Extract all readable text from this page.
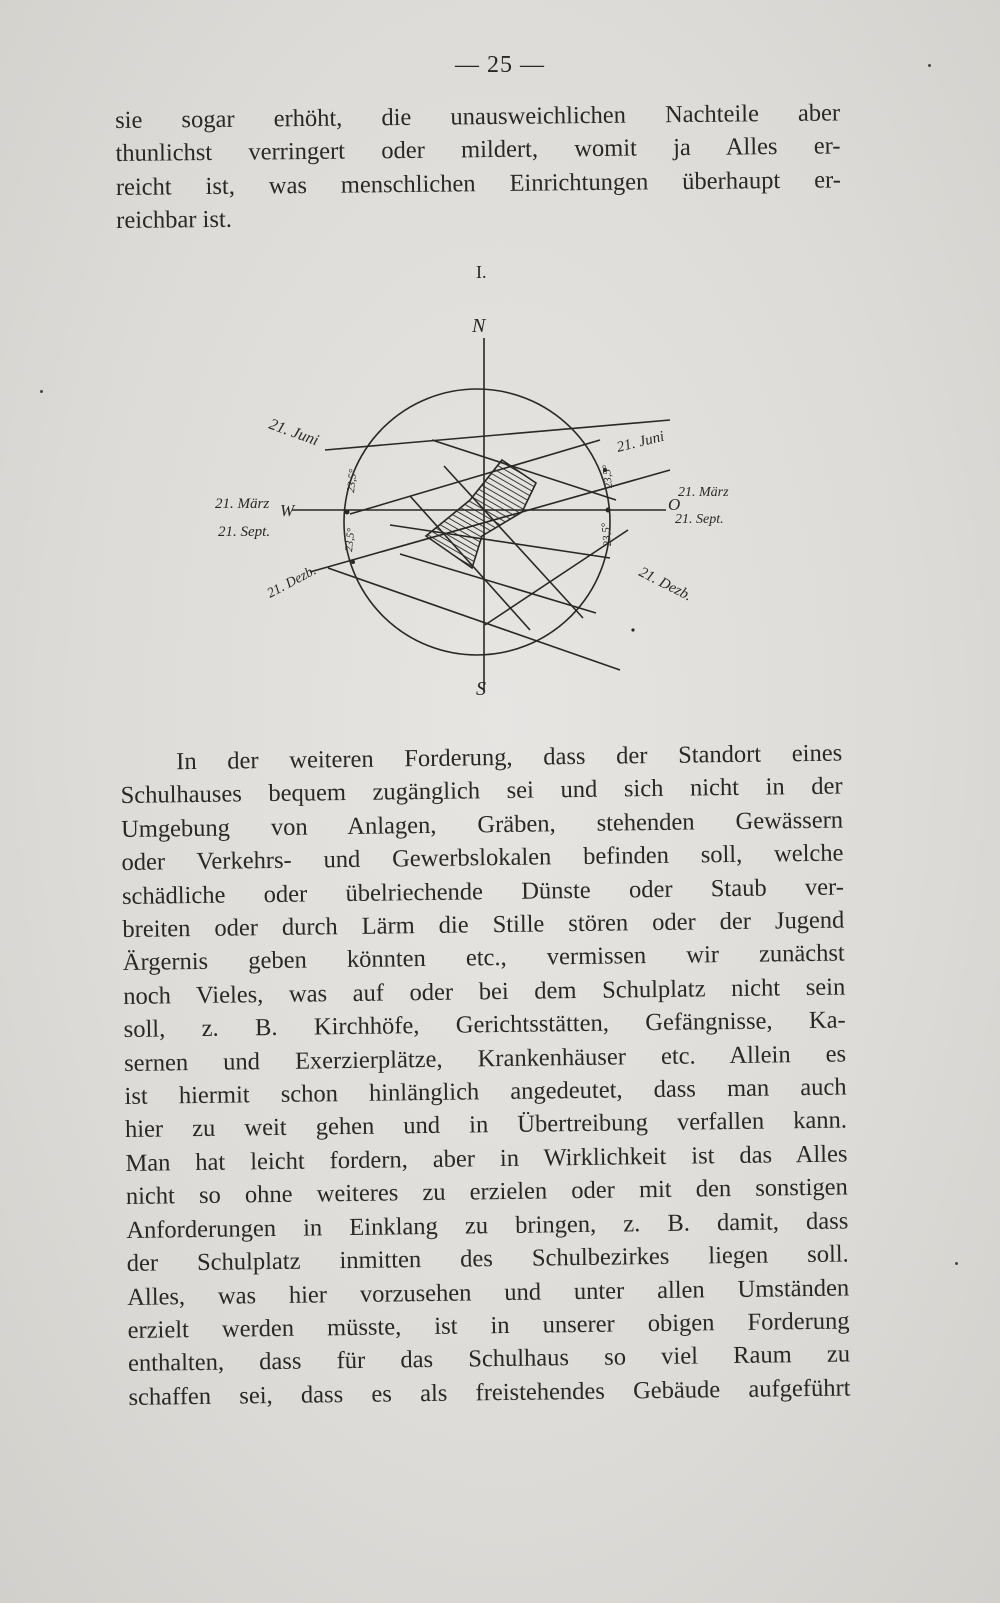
— 25 —
sie sogar erhöht, die unausweichlichen Nachteile aber
thunlichst verringert oder mildert, womit ja Alles er-
reicht ist, was menschlichen Einrichtungen überhaupt er-
reichbar ist.
I.
N
S
W	O
21. Juni
21. März
21. Sept.
21. Dezb.
21. Juni
21. März
21. Sept.
21. Dezb.
23,5°
23,5°
23,5°
23,5°
In der weiteren Forderung, dass der Standort eines
Schulhauses bequem zugänglich sei und sich nicht in der
Umgebung von Anlagen, Gräben, stehenden Gewässern
oder Verkehrs- und Gewerbslokalen befinden soll, welche
schädliche oder übelriechende Dünste oder Staub ver-
breiten oder durch Lärm die Stille stören oder der Jugend
Ärgernis geben könnten etc., vermissen wir zunächst
noch Vieles, was auf oder bei dem Schulplatz nicht sein
soll, z. B. Kirchhöfe, Gerichtsstätten, Gefängnisse, Ka-
sernen und Exerzierplätze, Krankenhäuser etc. Allein es
ist hiermit schon hinlänglich angedeutet, dass man auch
hier zu weit gehen und in Übertreibung verfallen kann.
Man hat leicht fordern, aber in Wirklichkeit ist das Alles
nicht so ohne weiteres zu erzielen oder mit den sonstigen
Anforderungen in Einklang zu bringen, z. B. damit, dass
der Schulplatz inmitten des Schulbezirkes liegen soll.
Alles, was hier vorzusehen und unter allen Umständen
erzielt werden müsste, ist in unserer obigen Forderung
enthalten, dass für das Schulhaus so viel Raum zu
schaffen sei, dass es als freistehendes Gebäude aufgeführt
